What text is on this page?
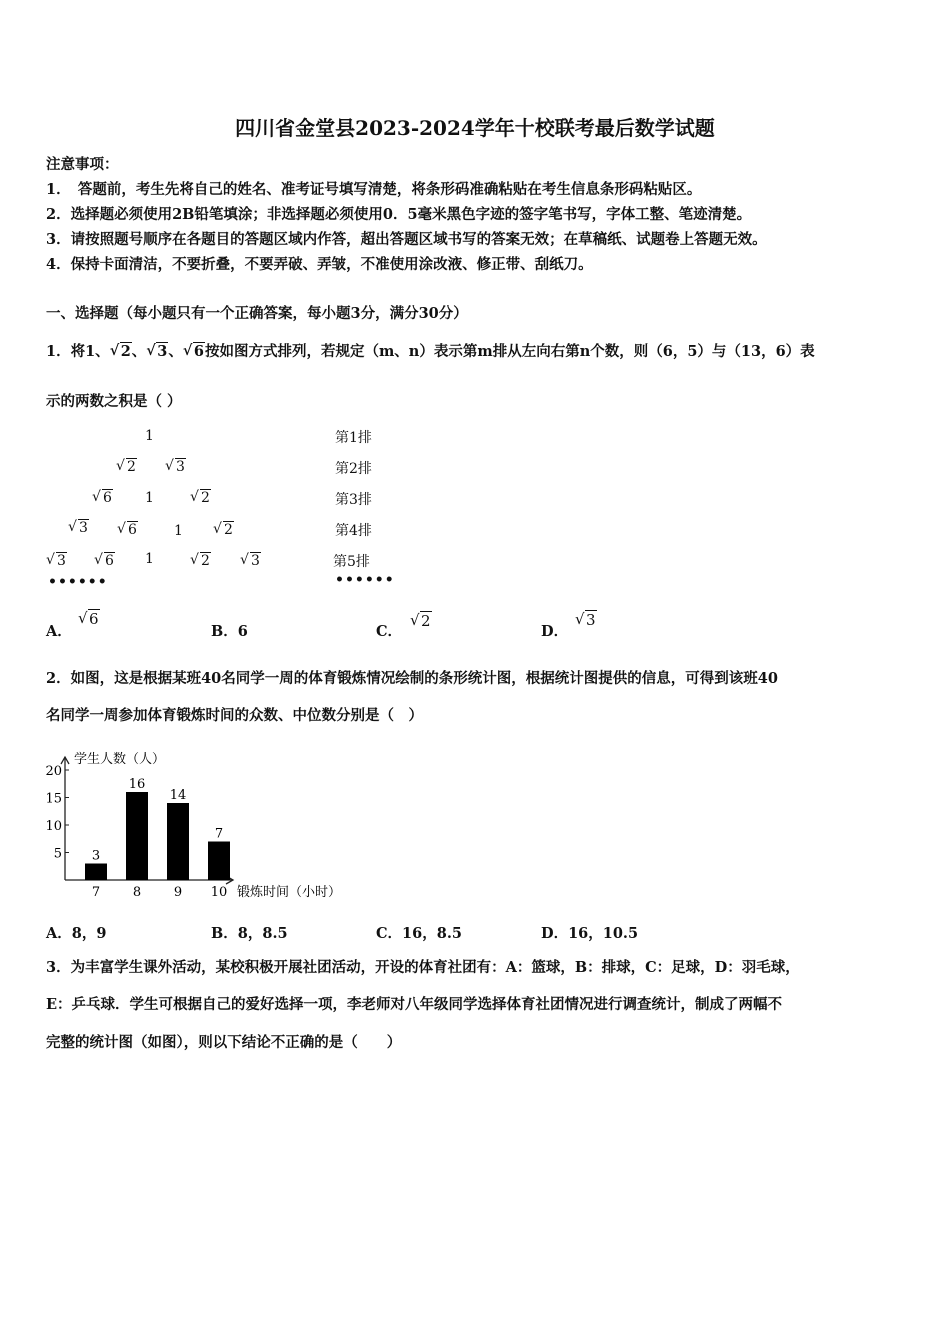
四川省金堂县2023-2024学年十校联考最后数学试题
注意事项：
1．　答题前，考生先将自己的姓名、准考证号填写清楚，将条形码准确粘贴在考生信息条形码粘贴区。
2．选择题必须使用2B铅笔填涂；非选择题必须使用0．5毫米黑色字迹的签字笔书写，字体工整、笔迹清楚。
3．请按照题号顺序在各题目的答题区域内作答，超出答题区域书写的答案无效；在草稿纸、试题卷上答题无效。
4．保持卡面清洁，不要折叠，不要弄破、弄皱，不准使用涂改液、修正带、刮纸刀。
一、选择题（每小题只有一个正确答案，每小题3分，满分30分）
1．将1、 √ 2、 √ 3、 √ 6按如图方式排列，若规定（m、n）表示第m排从左向右第n个数，则（6，5）与（13，6）表
示的两数之积是（ ）
1
√ 2	√ 3
√ 6 1	√ 2
√ 3	√ 6	1	√ 2
√ 3	√ 6 1	√ 2	√ 3
••••••
第1排
第2排
第3排
第4排
第5排
••••••
A．
√ 6
B．6	C．
√ 2
D．
√ 3
2．如图，这是根据某班40名同学一周的体育锻炼情况绘制的条形统计图，根据统计图提供的信息，可得到该班40
名同学一周参加体育锻炼时间的众数、中位数分别是（　）
学生人数（人）
锻炼时间（小时）
5
10
15
20
3
7
16
8
14
9
7
10
A．8，9	B．8，8.5	C．16，8.5	D．16，10.5
3．为丰富学生课外活动，某校积极开展社团活动，开设的体育社团有：A：篮球，B：排球，C：足球，D：羽毛球，
E：乒乓球．学生可根据自己的爱好选择一项，李老师对八年级同学选择体育社团情况进行调查统计，制成了两幅不
完整的统计图（如图），则以下结论不正确的是（　　）
